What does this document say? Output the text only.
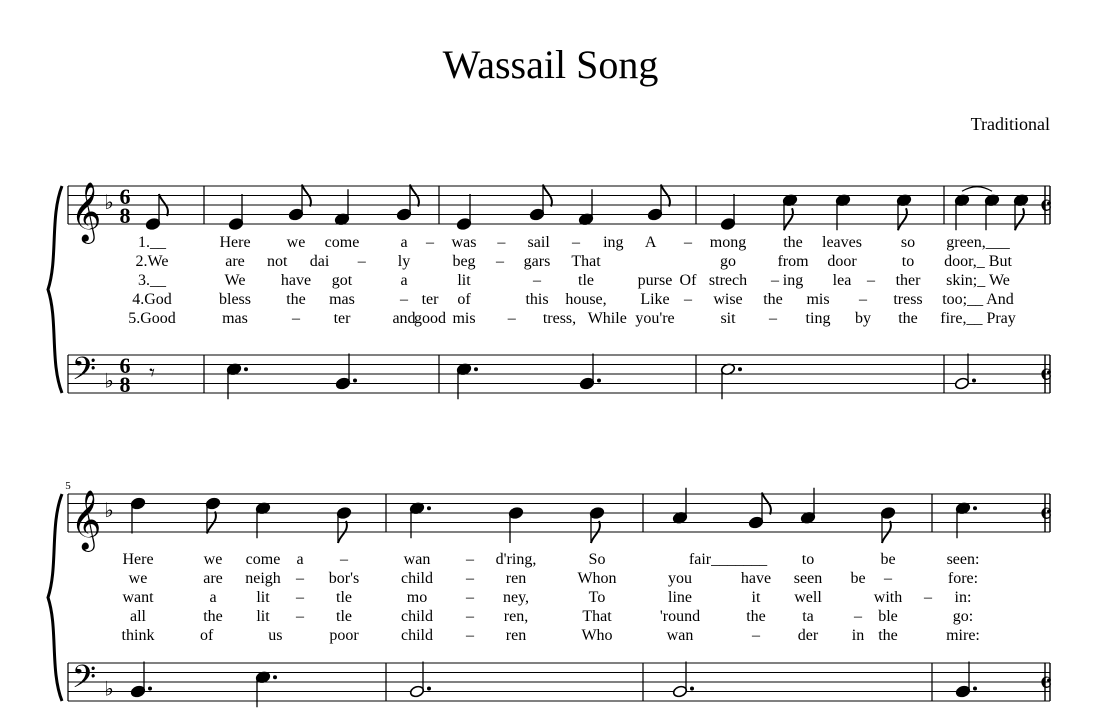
Wassail Song
Traditional
𝄞
𝄢
♭
♭
6
8
6
8
𝄴
𝄴
𝄞
𝄢
♭
♭
𝄴
𝄴
5
𝄾
1.__	Here we come	a – was – sail – ing A – mong the leaves so green,___
2.We	are not dai – ly	beg – gars That	go	from door	to door,_ But
3.__	We have got	a	lit	– tle	purse Of strech – ing lea – ther skin;_ We
4.God	bless the mas	– ter of	this house, Like – wise the mis – tress too;__ And
5.Good	mas	– ter	and
good mis – tress, While you're	sit – ting by the fire,__ Pray
Here	we come a –	wan – d'ring,	So	fair_______ to	be	seen:
we	are neigh – bor's	child – ren	Whon	you	have seen be –	fore:
want	a lit – tle	mo – ney,	To	line	it well	with – in:
all	the lit – tle	child – ren,	That	'round	the ta	– ble	go:
think	of	us	poor	child – ren	Who	wan	– der in the	mire:
